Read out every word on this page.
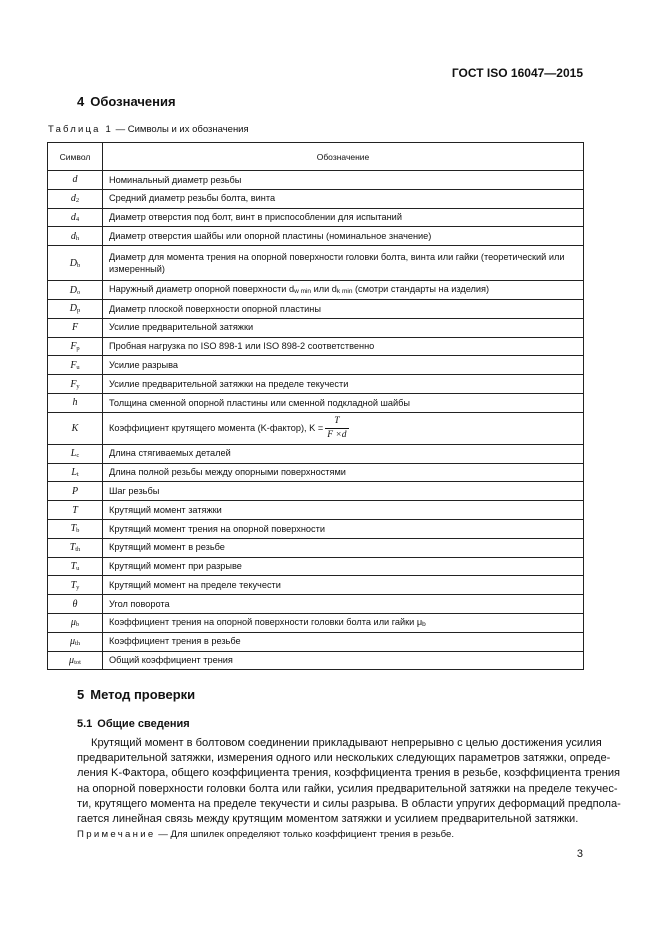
ГОСТ ISO 16047—2015
4 Обозначения
Таблица 1 — Символы и их обозначения
Символ	Обозначение
d	Номинальный диаметр резьбы
$d_2$	Средний диаметр резьбы болта, винта
$d_4$	Диаметр отверстия под болт, винт в приспособлении для испытаний
$d_h$	Диаметр отверстия шайбы или опорной пластины (номинальное значение)
$D_b$	Диаметр для момента трения на опорной поверхности головки болта, винта или гайки (теоретический или измеренный)
$D_o$	Наружный диаметр опорной поверхности $d_{w min}$ или $d_{k min}$ (смотри стандарты на изделия)
$D_p$	Диаметр плоской поверхности опорной пластины
F	Усилие предварительной затяжки
$F_p$	Пробная нагрузка по ISO 898-1 или ISO 898-2 соответственно
$F_u$	Усилие разрыва
$F_y$	Усилие предварительной затяжки на пределе текучести
h	Толщина сменной опорной пластины или сменной подкладной шайбы
K	Коэффициент крутящего момента (K-фактор), $K = \frac{T}{F \times d}$

$L_c$	Длина стягиваемых деталей
$L_t$	Длина полной резьбы между опорными поверхностями
P	Шаг резьбы
T	Крутящий момент затяжки
$T_b$	Крутящий момент трения на опорной поверхности
$T_{th}$	Крутящий момент в резьбе
$T_u$	Крутящий момент при разрыве
$T_y$	Крутящий момент на пределе текучести
θ	Угол поворота
$\mu_b$	Коэффициент трения на опорной поверхности головки болта или гайки $\mu_b$
$\mu_{th}$	Коэффициент трения в резьбе
$\mu_{tot}$	Общий коэффициент трения
5 Метод проверки
5.1 Общие сведения
Крутящий момент в болтовом соединении прикладывают непрерывно с целью достижения усилия
предварительной затяжки, измерения одного или нескольких следующих параметров затяжки, опреде-
ления K-Фактора, общего коэффициента трения, коэффициента трения в резьбе, коэффициента трения
на опорной поверхности головки болта или гайки, усилия предварительной затяжки на пределе текучес-
ти, крутящего момента на пределе текучести и силы разрыва. В области упругих деформаций предпола-
гается линейная связь между крутящим моментом затяжки и усилием предварительной затяжки.
Примечание — Для шпилек определяют только коэффициент трения в резьбе.
3
